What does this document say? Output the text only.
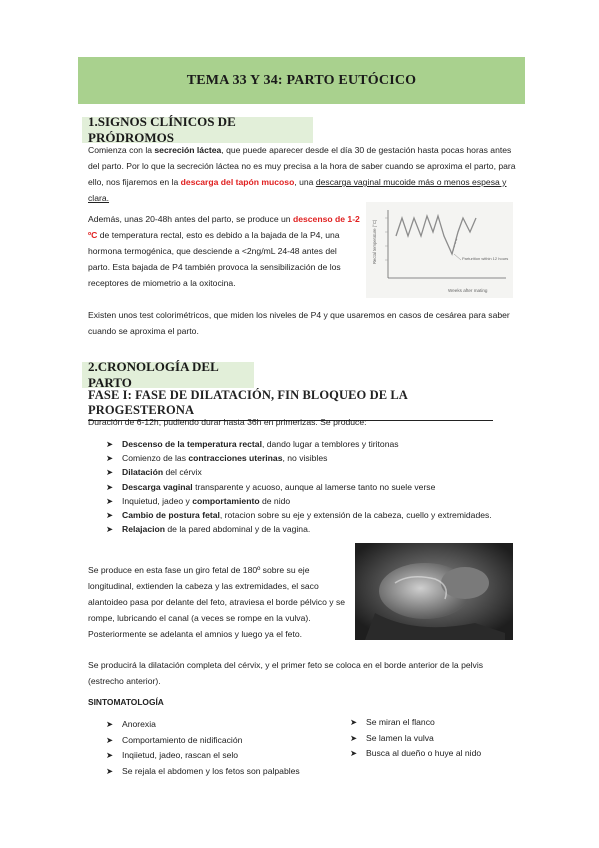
TEMA 33 Y 34: PARTO EUTÓCICO
1.SIGNOS CLÍNICOS DE PRÓDROMOS

Comienza con la secreción láctea, que puede aparecer desde el día 30 de gestación hasta pocas horas antes del parto. Por lo que la secreción láctea no es muy precisa a la hora de saber cuando se aproxima el parto, para ello, nos fijaremos en la descarga del tapón mucoso, una descarga vaginal mucoide más o menos espesa y clara.

Además, unas 20-48h antes del parto, se produce un descenso de 1-2 ºC de temperatura rectal, esto es debido a la bajada de la P4, una hormona termogénica, que desciende a <2ng/mL 24-48 antes del parto. Esta bajada de P4 también provoca la sensibilización de los receptores de miometrio a la oxitocina.

Parturition within 12 hours
Rectal temperature (°C)
Weeks after mating

Existen unos test colorimétricos, que miden los niveles de P4 y que usaremos en casos de cesárea para saber cuando se aproxima el parto.

2.CRONOLOGÍA DEL PARTO
FASE I: FASE DE DILATACIÓN, FIN BLOQUEO DE LA PROGESTERONA

Duración de 6-12h, pudiendo durar hasta 36h en primerizas. Se produce:

➤ Descenso de la temperatura rectal, dando lugar a temblores y tiritonas
➤ Comienzo de las contracciones uterinas, no visibles
➤ Dilatación del cérvix
➤ Descarga vaginal transparente y acuoso, aunque al lamerse tanto no suele verse
➤ Inquietud, jadeo y comportamiento de nido
➤ Cambio de postura fetal, rotacion sobre su eje y extensión de la cabeza, cuello y extremidades.
➤ Relajacion de la pared abdominal y de la vagina.

Se produce en esta fase un giro fetal de 180º sobre su eje longitudinal, extienden la cabeza y las extremidades, el saco alantoideo pasa por delante del feto, atraviesa el borde pélvico y se rompe, lubricando el canal (a veces se rompe en la vulva). Posteriormente se adelanta el amnios y luego ya el feto.

Se producirá la dilatación completa del cérvix, y el primer feto se coloca en el borde anterior de la pelvis (estrecho anterior).

SINTOMATOLOGÍA
➤ Anorexia
➤ Comportamiento de nidificación
➤ Inqiietud, jadeo, rascan el selo
➤ Se rejala el abdomen y los fetos son palpables
➤ Se miran el flanco
➤ Se lamen la vulva
➤ Busca al dueño o huye al nido
